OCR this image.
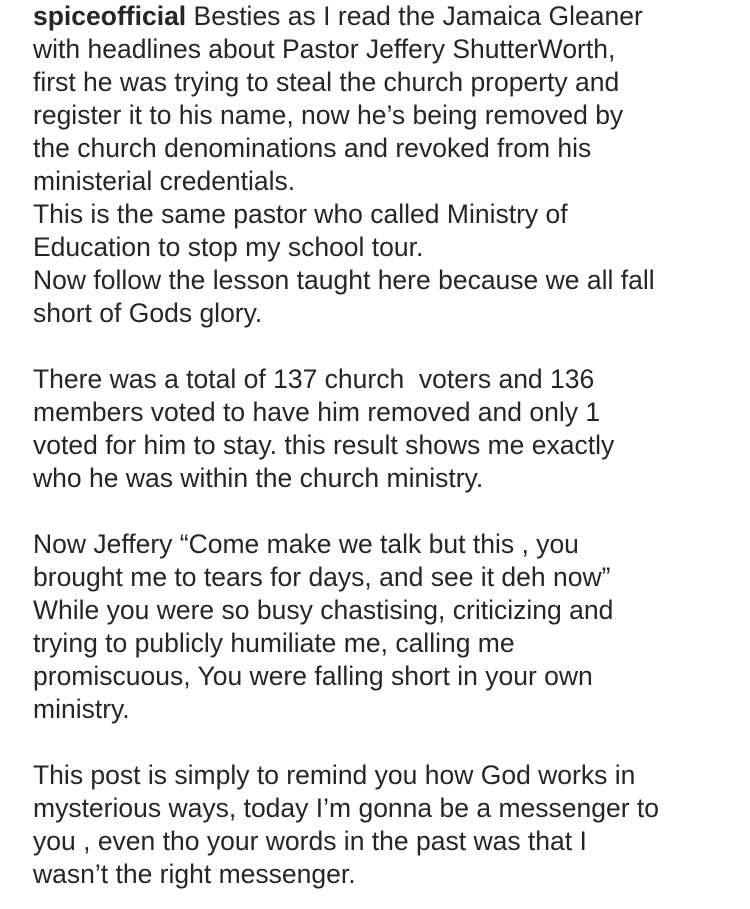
spiceofficial Besties as I read the Jamaica Gleaner
with headlines about Pastor Jeffery ShutterWorth,
first he was trying to steal the church property and
register it to his name, now he’s being removed by
the church denominations and revoked from his
ministerial credentials.
This is the same pastor who called Ministry of
Education to stop my school tour.
Now follow the lesson taught here because we all fall
short of Gods glory.
There was a total of 137 church  voters and 136
members voted to have him removed and only 1
voted for him to stay. this result shows me exactly
who he was within the church ministry.
Now Jeffery “Come make we talk but this , you
brought me to tears for days, and see it deh now”
While you were so busy chastising, criticizing and
trying to publicly humiliate me, calling me
promiscuous, You were falling short in your own
ministry.
This post is simply to remind you how God works in
mysterious ways, today I’m gonna be a messenger to
you , even tho your words in the past was that I
wasn’t the right messenger.
